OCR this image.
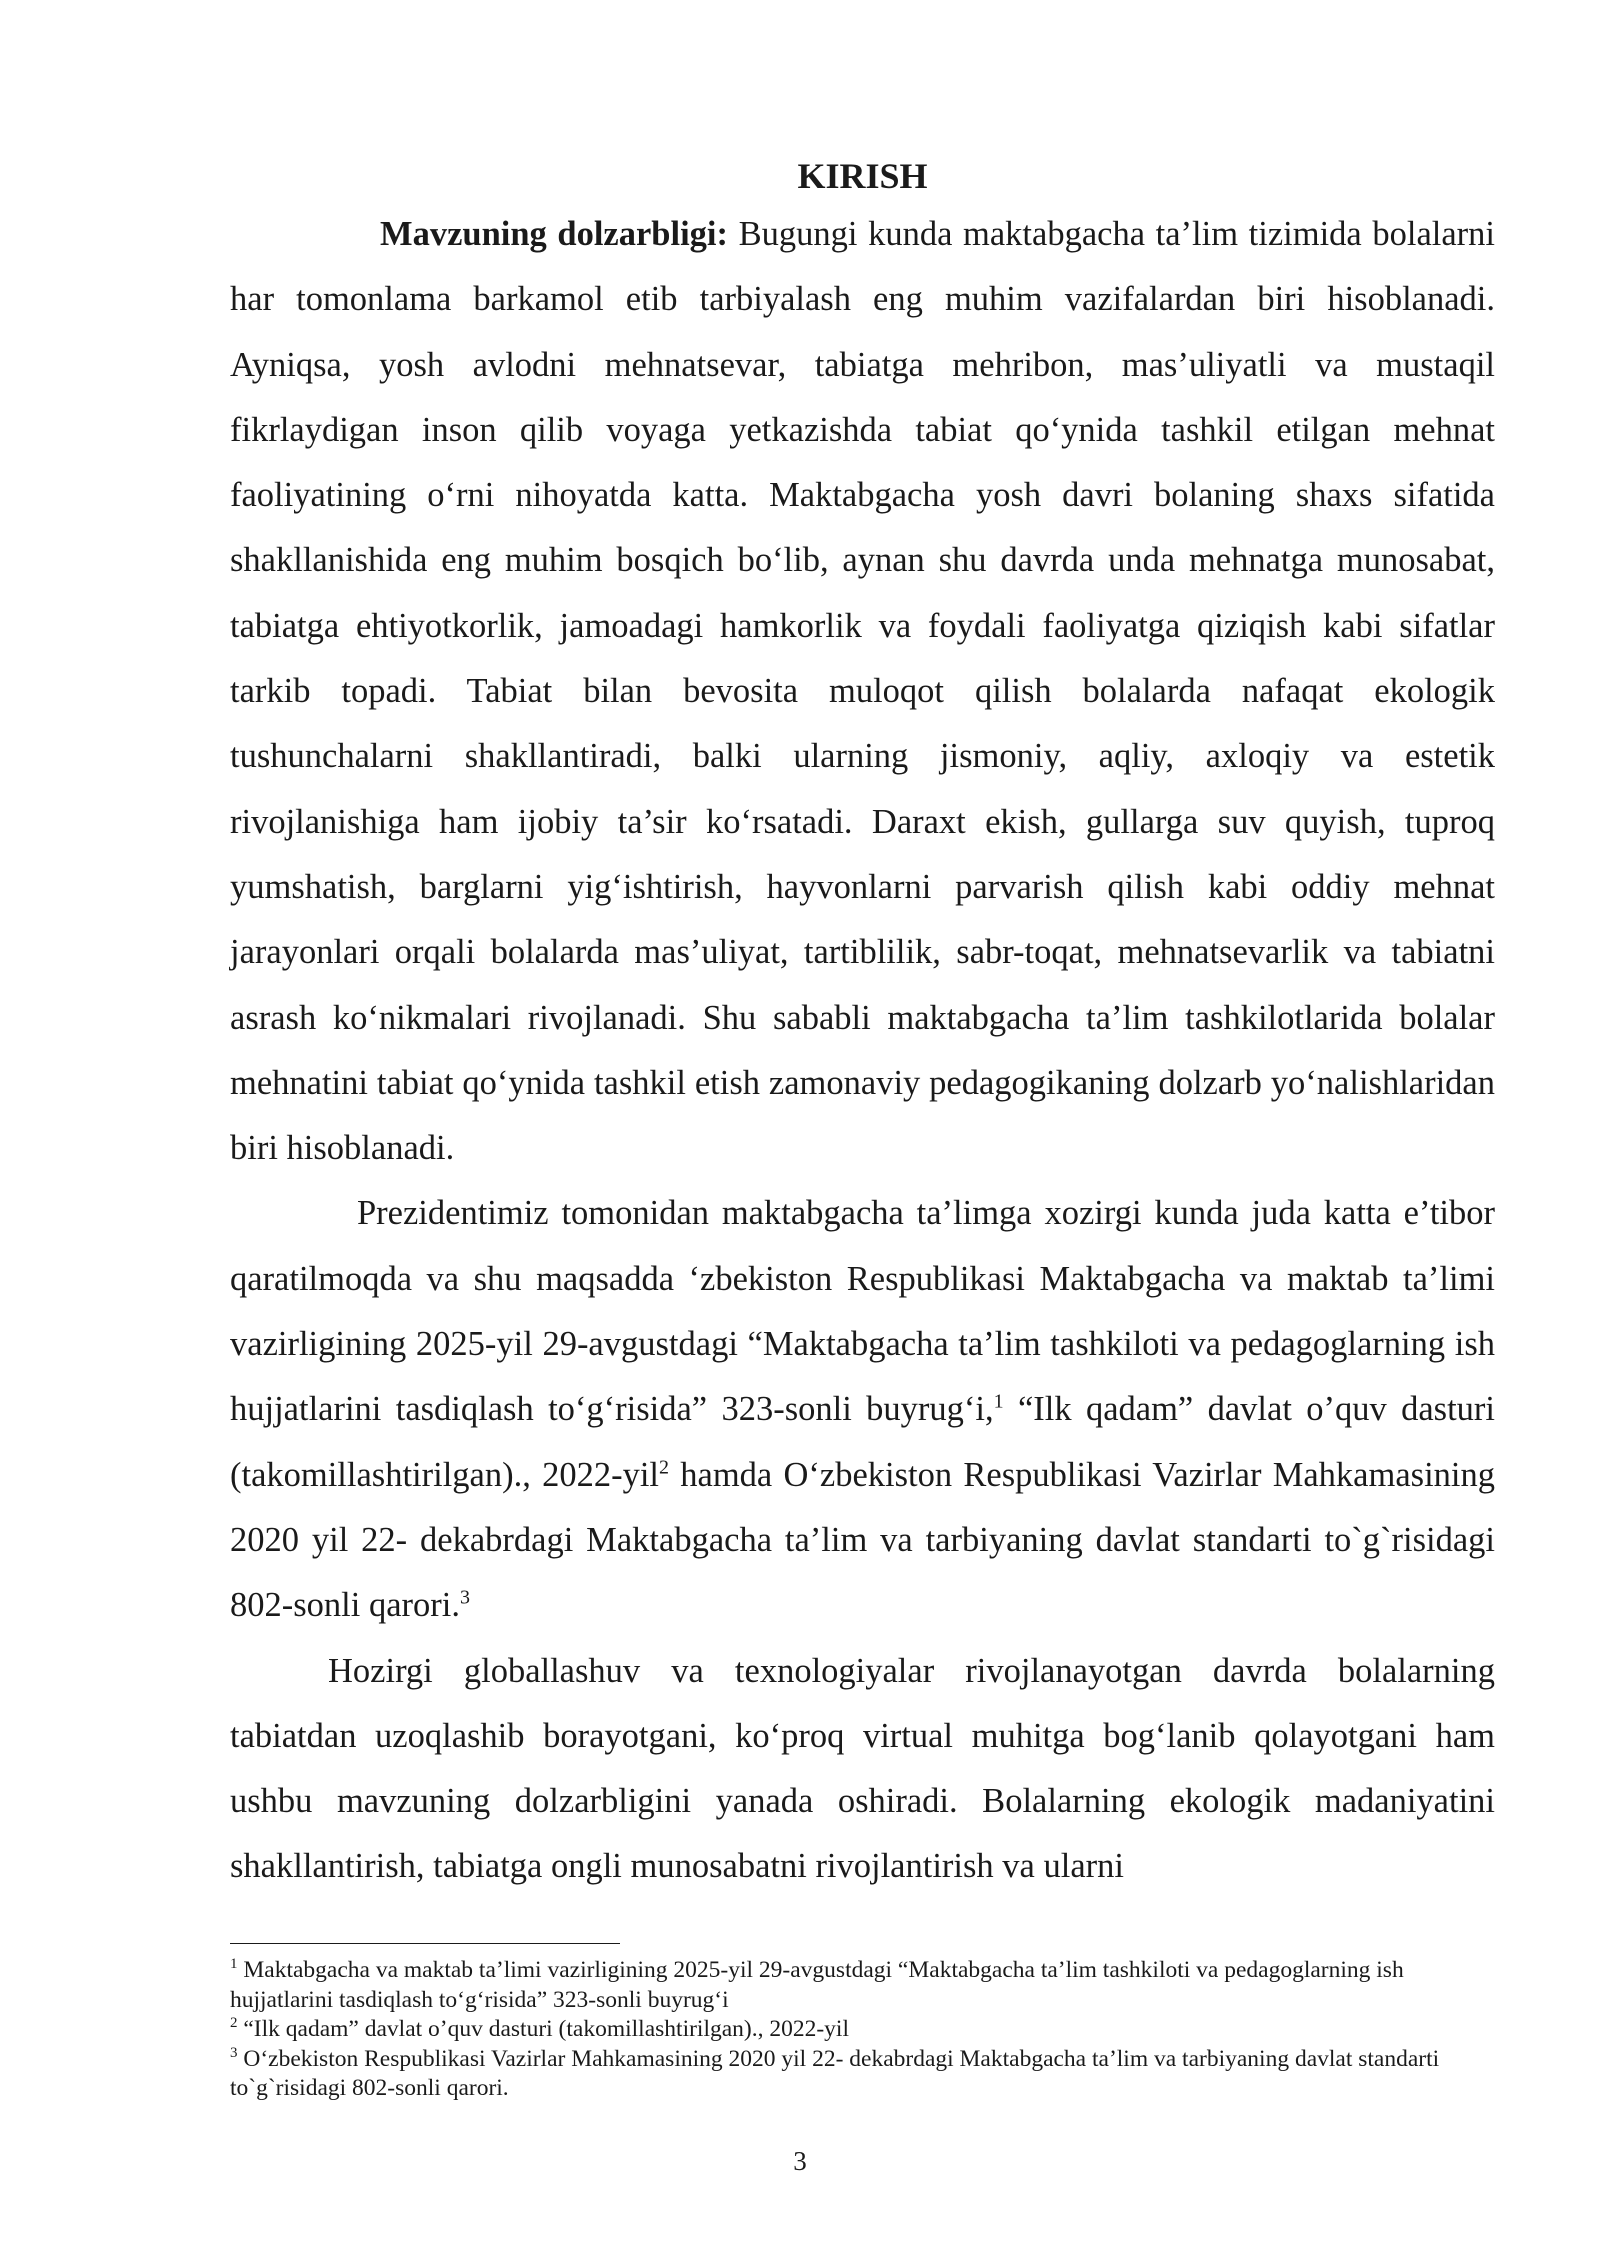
KIRISH

Mavzuning dolzarbligi: Bugungi kunda maktabgacha ta’lim tizimida bolalarni har tomonlama barkamol etib tarbiyalash eng muhim vazifalardan biri hisoblanadi. Ayniqsa, yosh avlodni mehnatsevar, tabiatga mehribon, mas’uliyatli va mustaqil fikrlaydigan inson qilib voyaga yetkazishda tabiat qo‘ynida tashkil etilgan mehnat faoliyatining o‘rni nihoyatda katta. Maktabgacha yosh davri bolaning shaxs sifatida shakllanishida eng muhim bosqich bo‘lib, aynan shu davrda unda mehnatga munosabat, tabiatga ehtiyotkorlik, jamoadagi hamkorlik va foydali faoliyatga qiziqish kabi sifatlar tarkib topadi. Tabiat bilan bevosita muloqot qilish bolalarda nafaqat ekologik tushunchalarni shakllantiradi, balki ularning jismoniy, aqliy, axloqiy va estetik rivojlanishiga ham ijobiy ta’sir ko‘rsatadi. Daraxt ekish, gullarga suv quyish, tuproq yumshatish, barglarni yig‘ishtirish, hayvonlarni parvarish qilish kabi oddiy mehnat jarayonlari orqali bolalarda mas’uliyat, tartiblilik, sabr-toqat, mehnatsevarlik va tabiatni asrash ko‘nikmalari rivojlanadi. Shu sababli maktabgacha ta’lim tashkilotlarida bolalar mehnatini tabiat qo‘ynida tashkil etish zamonaviy pedagogikaning dolzarb yo‘nalishlaridan biri hisoblanadi.

Prezidentimiz tomonidan maktabgacha ta’limga xozirgi kunda juda katta e’tibor qaratilmoqda va shu maqsadda ‘zbekiston Respublikasi Maktabgacha va maktab ta’limi vazirligining 2025-yil 29-avgustdagi “Maktabgacha ta’lim tashkiloti va pedagoglarning ish hujjatlarini tasdiqlash to‘g‘risida” 323-sonli buyrug‘i,$^1$ “Ilk qadam” davlat o’quv dasturi (takomillashtirilgan)., 2022-yil$^2$ hamda O‘zbekiston Respublikasi Vazirlar Mahkamasining 2020 yil 22- dekabrdagi Maktabgacha ta’lim va tarbiyaning davlat standarti to`g`risidagi 802-sonli qarori.$^3$

Hozirgi globallashuv va texnologiyalar rivojlanayotgan davrda bolalarning tabiatdan uzoqlashib borayotgani, ko‘proq virtual muhitga bog‘lanib qolayotgani ham ushbu mavzuning dolzarbligini yanada oshiradi. Bolalarning ekologik madaniyatini shakllantirish, tabiatga ongli munosabatni rivojlantirish va ularni

$^1$ Maktabgacha va maktab ta’limi vazirligining 2025-yil 29-avgustdagi “Maktabgacha ta’lim tashkiloti va pedagoglarning ish hujjatlarini tasdiqlash to‘g‘risida” 323-sonli buyrug‘i

$^2$ “Ilk qadam” davlat o’quv dasturi (takomillashtirilgan)., 2022-yil

$^3$ O‘zbekiston Respublikasi Vazirlar Mahkamasining 2020 yil 22- dekabrdagi Maktabgacha ta’lim va tarbiyaning davlat standarti to`g`risidagi 802-sonli qarori.

3
